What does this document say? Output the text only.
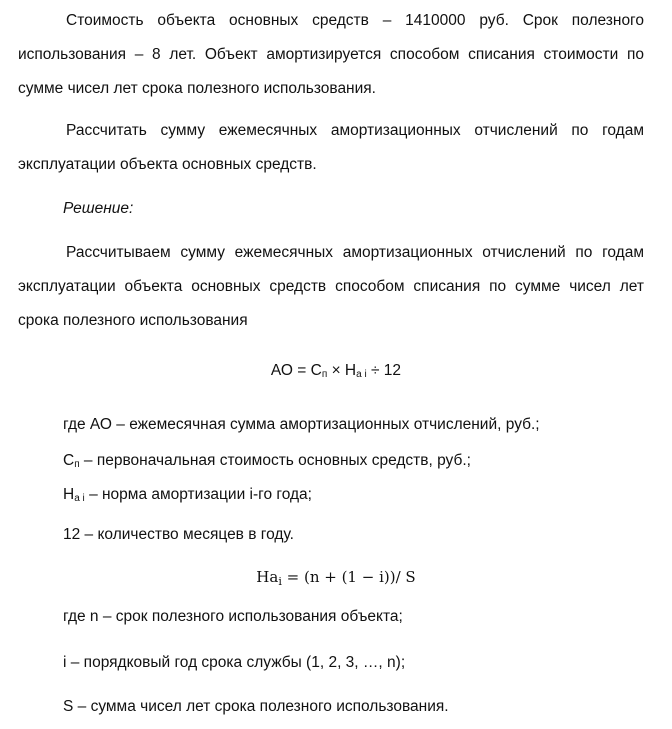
Стоимость объекта основных средств – 1410000 руб. Срок полезного использования – 8 лет. Объект амортизируется способом списания стоимости по сумме чисел лет срока полезного использования.

Рассчитать сумму ежемесячных амортизационных отчислений по годам эксплуатации объекта основных средств.

Решение:

Рассчитываем сумму ежемесячных амортизационных отчислений по годам эксплуатации объекта основных средств способом списания по сумме чисел лет срока полезного использования

АО = $С_п \times Н_{а i} \div 12$

где АО – ежемесячная сумма амортизационных отчислений, руб.;

$С_п$ – первоначальная стоимость основных средств, руб.;

$Н_{а i}$ – норма амортизации i-го года;

12 – количество месяцев в году.

$На_i = (n + (1 - i))/$ S

где n – срок полезного использования объекта;

i – порядковый год срока службы (1, 2, 3, …, n);

S – сумма чисел лет срока полезного использования.
